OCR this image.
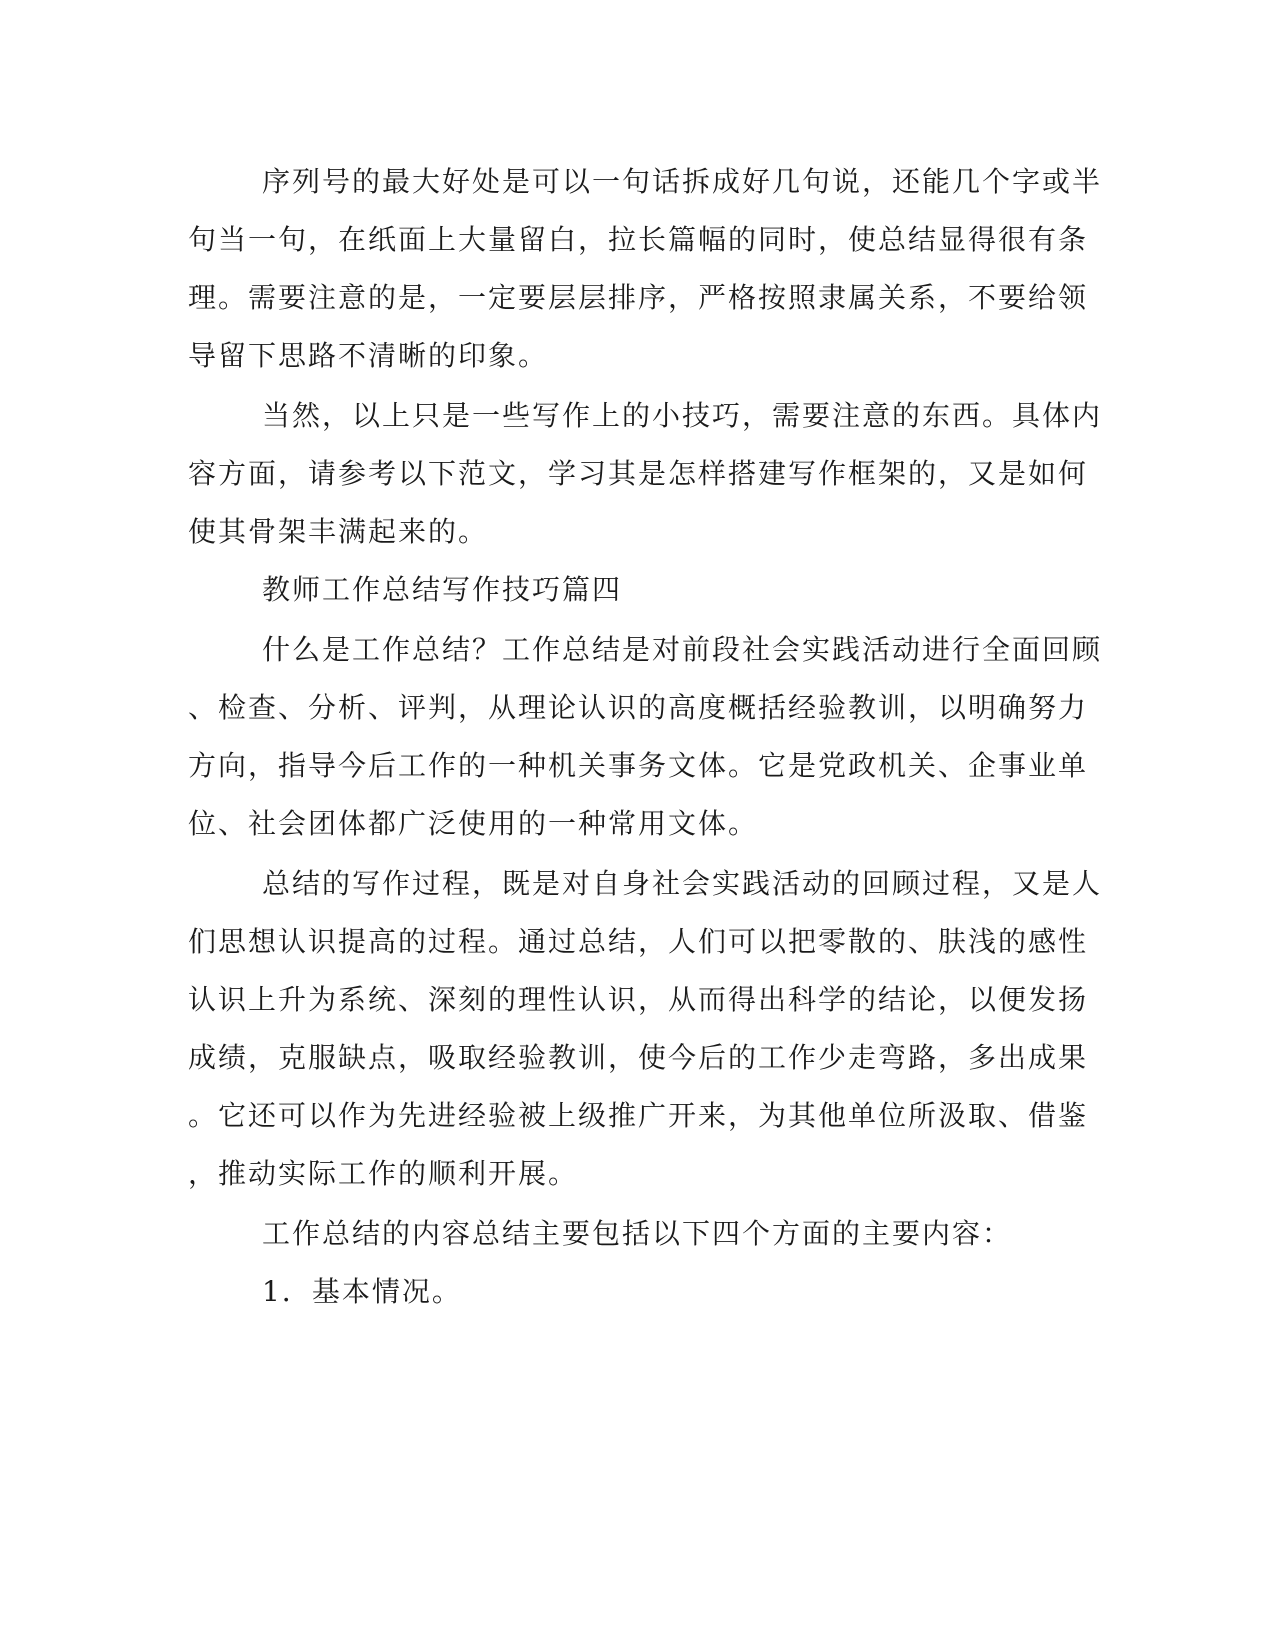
序列号的最大好处是可以一句话拆成好几句说，还能几个字或半
句当一句，在纸面上大量留白，拉长篇幅的同时，使总结显得很有条
理。需要注意的是，一定要层层排序，严格按照隶属关系，不要给领
导留下思路不清晰的印象。
当然，以上只是一些写作上的小技巧，需要注意的东西。具体内
容方面，请参考以下范文，学习其是怎样搭建写作框架的，又是如何
使其骨架丰满起来的。
教师工作总结写作技巧篇四
什么是工作总结？工作总结是对前段社会实践活动进行全面回顾
、检查、分析、评判，从理论认识的高度概括经验教训，以明确努力
方向，指导今后工作的一种机关事务文体。它是党政机关、企事业单
位、社会团体都广泛使用的一种常用文体。
总结的写作过程，既是对自身社会实践活动的回顾过程，又是人
们思想认识提高的过程。通过总结，人们可以把零散的、肤浅的感性
认识上升为系统、深刻的理性认识，从而得出科学的结论，以便发扬
成绩，克服缺点，吸取经验教训，使今后的工作少走弯路，多出成果
。它还可以作为先进经验被上级推广开来，为其他单位所汲取、借鉴
，推动实际工作的顺利开展。
工作总结的内容总结主要包括以下四个方面的主要内容：
1．基本情况。
